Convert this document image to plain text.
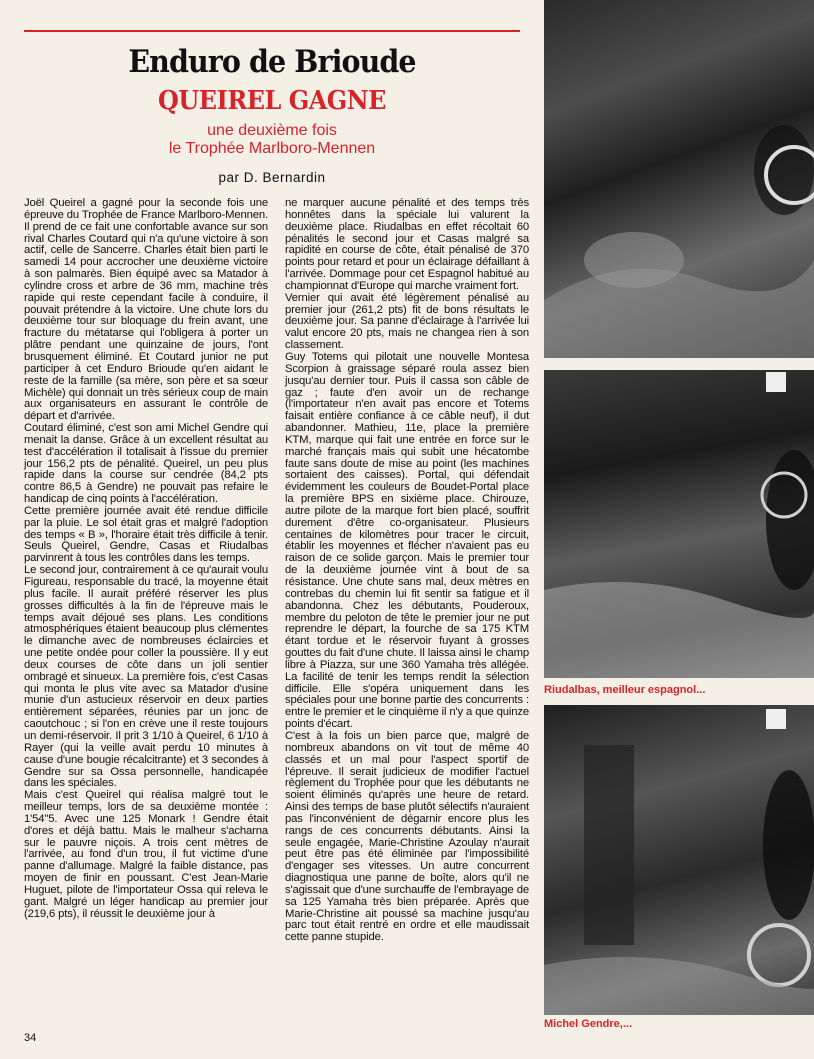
Enduro de Brioude
QUEIREL GAGNE
une deuxième fois
le Trophée Marlboro-Mennen
par D. Bernardin

Joël Queirel a gagné pour la seconde fois une épreuve du Trophée de France Marlboro-Mennen. Il prend de ce fait une confortable avance sur son rival Charles Coutard qui n'a qu'une victoire à son actif, celle de Sancerre. Charles était bien parti le samedi 14 pour accrocher une deuxième victoire à son palmarès. Bien équipé avec sa Matador à cylindre cross et arbre de 36 mm, machine très rapide qui reste cependant facile à conduire, il pouvait prétendre à la victoire. Une chute lors du deuxième tour sur bloquage du frein avant, une fracture du métatarse qui l'obligera à porter un plâtre pendant une quinzaine de jours, l'ont brusquement éliminé. Et Coutard junior ne put participer à cet Enduro Brioude qu'en aidant le reste de la famille (sa mère, son père et sa sœur Michèle) qui donnait un très sérieux coup de main aux organisateurs en assurant le contrôle de départ et d'arrivée.

Coutard éliminé, c'est son ami Michel Gendre qui menait la danse. Grâce à un excellent résultat au test d'accélération il totalisait à l'issue du premier jour 156,2 pts de pénalité. Queirel, un peu plus rapide dans la course sur cendrée (84,2 pts contre 86,5 à Gendre) ne pouvait pas refaire le handicap de cinq points à l'accélération.

Cette première journée avait été rendue difficile par la pluie. Le sol était gras et malgré l'adoption des temps « B », l'horaire était très difficile à tenir. Seuls Queirel, Gendre, Casas et Riudalbas parvinrent à tous les contrôles dans les temps.

Le second jour, contrairement à ce qu'aurait voulu Figureau, responsable du tracé, la moyenne était plus facile. Il aurait préféré réserver les plus grosses difficultés à la fin de l'épreuve mais le temps avait déjoué ses plans. Les conditions atmosphériques étaient beaucoup plus clémentes le dimanche avec de nombreuses éclaircies et une petite ondée pour coller la poussière. Il y eut deux courses de côte dans un joli sentier ombragé et sinueux. La première fois, c'est Casas qui monta le plus vite avec sa Matador d'usine munie d'un astucieux réservoir en deux parties entièrement séparées, réunies par un jonc de caoutchouc ; si l'on en crève une il reste toujours un demi-réservoir. Il prit 3 1/10 à Queirel, 6 1/10 à Rayer (qui la veille avait perdu 10 minutes à cause d'une bougie récalcitrante) et 3 secondes à Gendre sur sa Ossa personnelle, handicapée dans les spéciales.

Mais c'est Queirel qui réalisa malgré tout le meilleur temps, lors de sa deuxième montée : 1'54"5. Avec une 125 Monark ! Gendre était d'ores et déjà battu. Mais le malheur s'acharna sur le pauvre niçois. A trois cent mètres de l'arrivée, au fond d'un trou, il fut victime d'une panne d'allumage. Malgré la faible distance, pas moyen de finir en poussant. C'est Jean-Marie Huguet, pilote de l'importateur Ossa qui releva le gant. Malgré un léger handicap au premier jour (219,6 pts), il réussit le deuxième jour à

ne marquer aucune pénalité et des temps très honnêtes dans la spéciale lui valurent la deuxième place. Riudalbas en effet récoltait 60 pénalités le second jour et Casas malgré sa rapidité en course de côte, était pénalisé de 370 points pour retard et pour un éclairage défaillant à l'arrivée. Dommage pour cet Espagnol habitué au championnat d'Europe qui marche vraiment fort.

Vernier qui avait été légèrement pénalisé au premier jour (261,2 pts) fit de bons résultats le deuxième jour. Sa panne d'éclairage à l'arrivée lui valut encore 20 pts, mais ne changea rien à son classement.

Guy Totems qui pilotait une nouvelle Montesa Scorpion à graissage séparé roula assez bien jusqu'au dernier tour. Puis il cassa son câble de gaz ; faute d'en avoir un de rechange (l'importateur n'en avait pas encore et Totems faisait entière confiance à ce câble neuf), il dut abandonner. Mathieu, 11e, place la première KTM, marque qui fait une entrée en force sur le marché français mais qui subit une hécatombe faute sans doute de mise au point (les machines sortaient des caisses). Portal, qui défendait évidemment les couleurs de Boudet-Portal place la première BPS en sixième place. Chirouze, autre pilote de la marque fort bien placé, souffrit durement d'être co-organisateur. Plusieurs centaines de kilomètres pour tracer le circuit, établir les moyennes et flécher n'avaient pas eu raison de ce solide garçon. Mais le premier tour de la deuxième journée vint à bout de sa résistance. Une chute sans mal, deux mètres en contrebas du chemin lui fit sentir sa fatigue et il abandonna. Chez les débutants, Pouderoux, membre du peloton de tête le premier jour ne put reprendre le départ, la fourche de sa 175 KTM étant tordue et le réservoir fuyant à grosses gouttes du fait d'une chute. Il laissa ainsi le champ libre à Piazza, sur une 360 Yamaha très allégée. La facilité de tenir les temps rendit la sélection difficile. Elle s'opéra uniquement dans les spéciales pour une bonne partie des concurrents : entre le premier et le cinquième il n'y a que quinze points d'écart.

C'est à la fois un bien parce que, malgré de nombreux abandons on vit tout de même 40 classés et un mal pour l'aspect sportif de l'épreuve. Il serait judicieux de modifier l'actuel règlement du Trophée pour que les débutants ne soient éliminés qu'après une heure de retard. Ainsi des temps de base plutôt sélectifs n'auraient pas l'inconvénient de dégarnir encore plus les rangs de ces concurrents débutants. Ainsi la seule engagée, Marie-Christine Azoulay n'aurait peut être pas été éliminée par l'impossibilité d'engager ses vitesses. Un autre concurrent diagnostiqua une panne de boîte, alors qu'il ne s'agissait que d'une surchauffe de l'embrayage de sa 125 Yamaha très bien préparée. Après que Marie-Christine ait poussé sa machine jusqu'au parc tout était rentré en ordre et elle maudissait cette panne stupide.

34
Riudalbas, meilleur espagnol...
Michel Gendre,...
